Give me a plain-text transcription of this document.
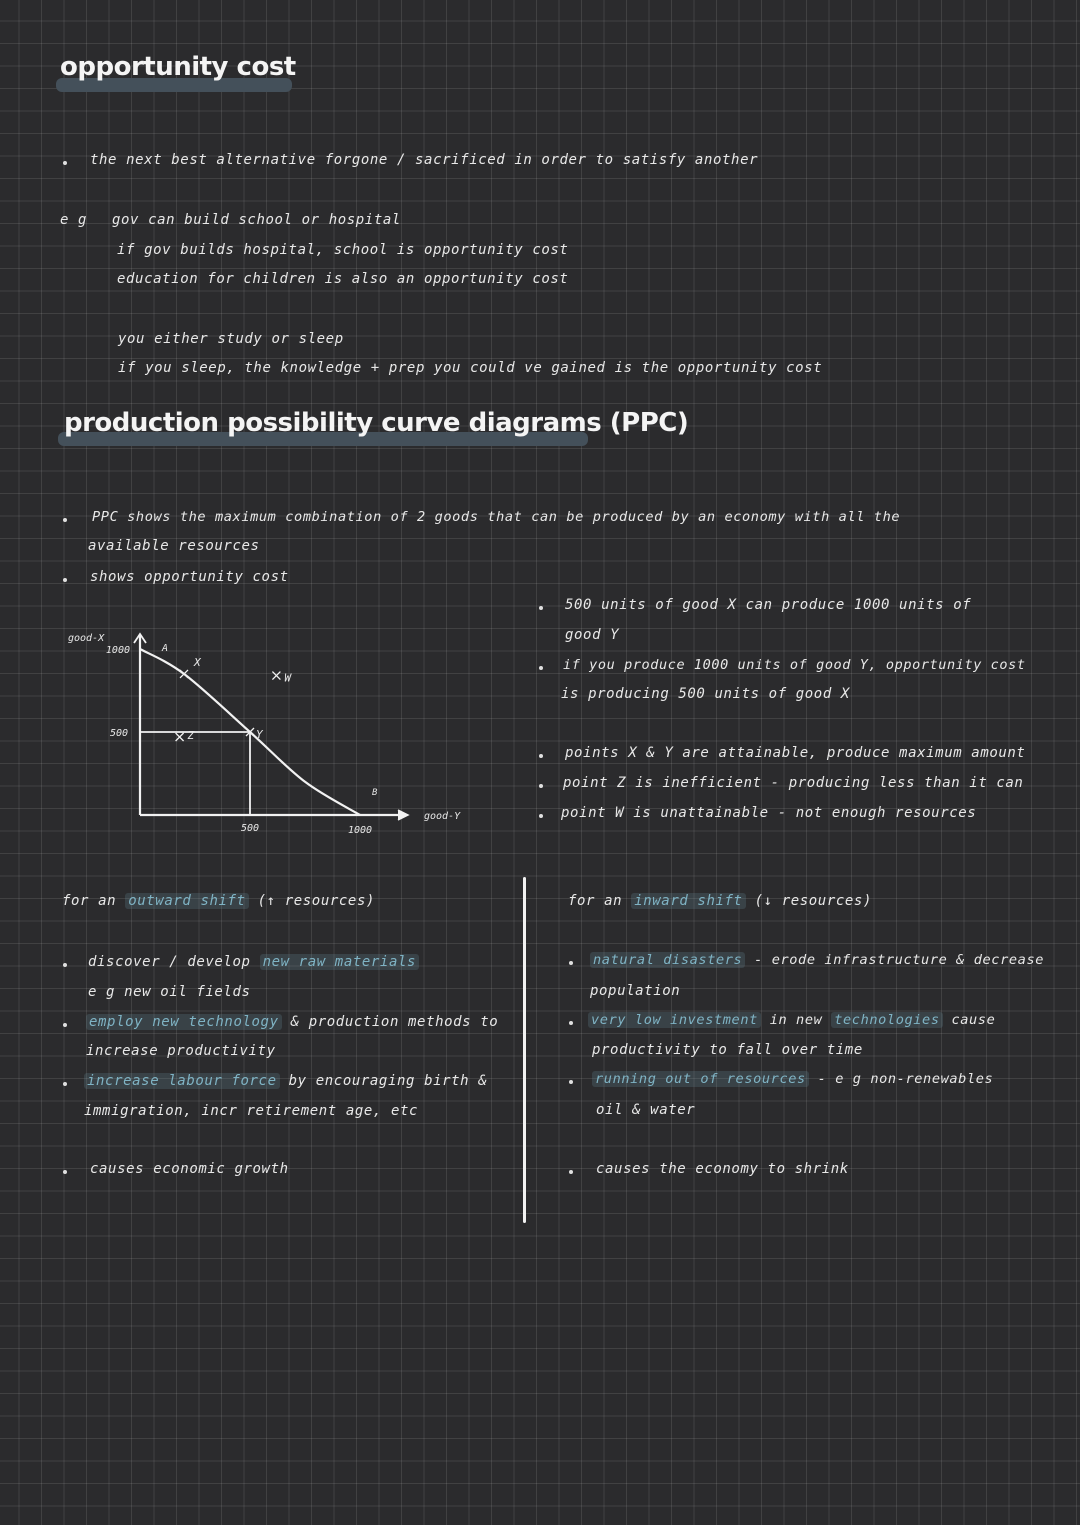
opportunity cost
the next best alternative forgone / sacrificed in order to satisfy another
e g gov can build school or hospital
if gov builds hospital, school is opportunity cost
education for children is also an opportunity cost
you either study or sleep
if you sleep, the knowledge + prep you could ve gained is the opportunity cost
production possibility curve diagrams (PPC)
PPC shows the maximum combination of 2 goods that can be produced by an economy with all the
available resources
shows opportunity cost
good-X
good-Y
1000
500
500	1000
A
X
Y
B
Z
W
500 units of good X can produce 1000 units of
good Y
if you produce 1000 units of good Y, opportunity cost
is producing 500 units of good X
points X & Y are attainable, produce maximum amount
point Z is inefficient - producing less than it can
point W is unattainable - not enough resources
for an outward shift (↑ resources)
discover / develop new raw materials
e g new oil fields
employ new technology & production methods to
increase productivity
increase labour force by encouraging birth &
immigration, incr retirement age, etc
causes economic growth
for an inward shift (↓ resources)
natural disasters - erode infrastructure & decrease
population
very low investment in new technologies cause
productivity to fall over time
running out of resources - e g non-renewables
oil & water
causes the economy to shrink
